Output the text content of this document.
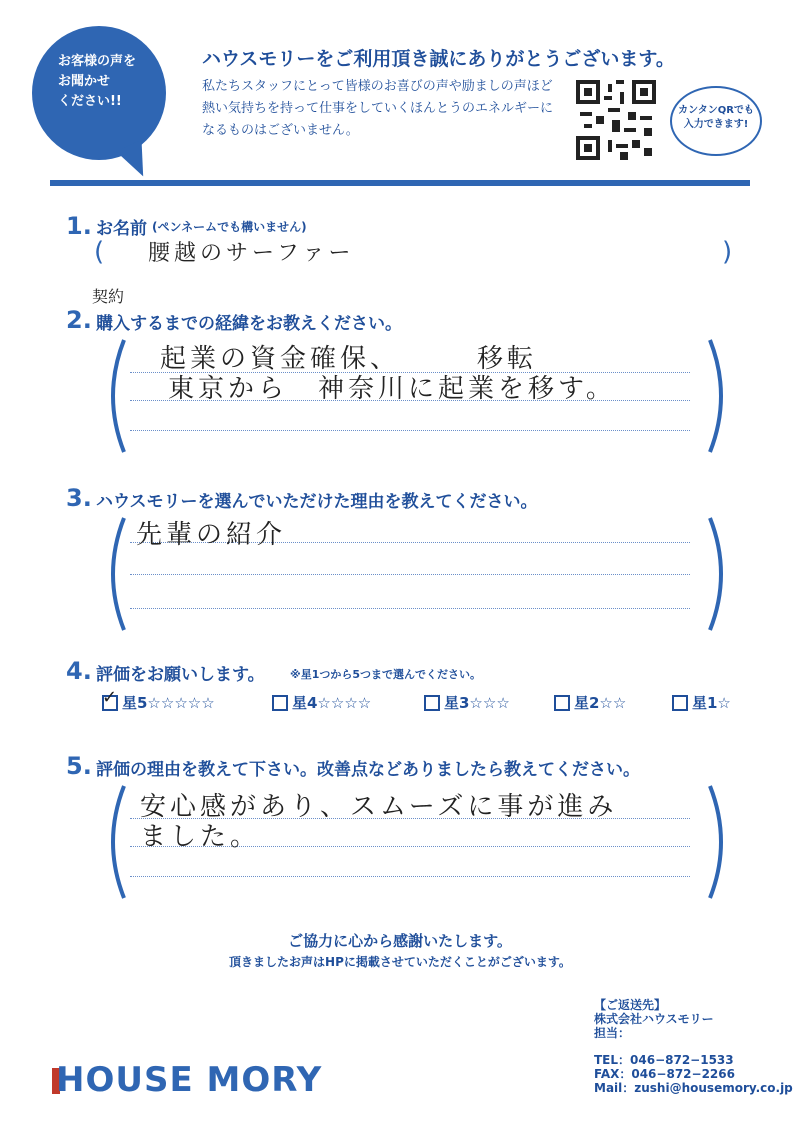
お客様の声を
お聞かせ
ください!!
ハウスモリーをご利用頂き誠にありがとうございます。
私たちスタッフにとって皆様のお喜びの声や励ましの声ほど
熱い気持ちを持って仕事をしていくほんとうのエネルギーに
なるものはございません。
カンタンQRでも
入力できます!
1. お名前 (ペンネームでも構いません)
(	)
腰越のサーファー
2. 購入するまでの経緯をお教えください。
契約
起業の資金確保、　　　移転
東京から　神奈川に起業を移す。
3. ハウスモリーを選んでいただけた理由を教えてください。
先輩の紹介
4. 評価をお願いします。 ※星1つから5つまで選んでください。
✓ 星5☆☆☆☆☆	星4☆☆☆☆	星3☆☆☆	星2☆☆	星1☆
5. 評価の理由を教えて下さい。改善点などありましたら教えてください。
安心感があり、スムーズに事が進み
ました。
ご協力に心から感謝いたします。
頂きましたお声はHPに掲載させていただくことがございます。
【ご返送先】
株式会社ハウスモリー
担当：
TEL：046−872−1533
FAX：046−872−2266
Mail：zushi@housemory.co.jp
HOUSE MORY
